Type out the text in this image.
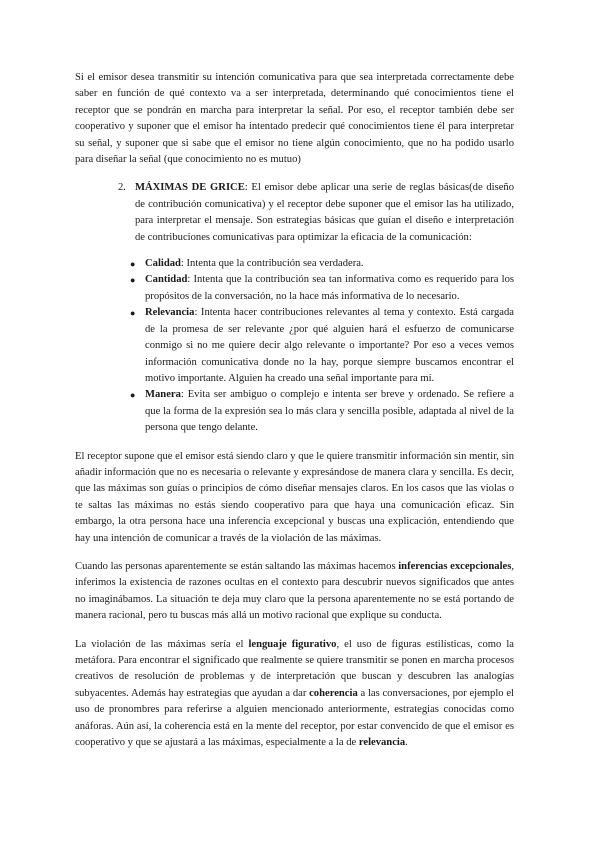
Si el emisor desea transmitir su intención comunicativa para que sea interpretada correctamente debe saber en función de qué contexto va a ser interpretada, determinando qué conocimientos tiene el receptor que se pondrán en marcha para interpretar la señal. Por eso, el receptor también debe ser cooperativo y suponer que el emisor ha intentado predecir qué conocimientos tiene él para interpretar su señal, y suponer que si sabe que el emisor no tiene algún conocimiento, que no ha podido usarlo para diseñar la señal (que conocimiento no es mutuo)

2. MÁXIMAS DE GRICE: El emisor debe aplicar una serie de reglas básicas(de diseño de contribución comunicativa) y el receptor debe suponer que el emisor las ha utilizado, para interpretar el mensaje. Son estrategias básicas que guían el diseño e interpretación de contribuciones comunicativas para optimizar la eficacia de la comunicación:

● Calidad: Intenta que la contribución sea verdadera.
● Cantidad: Intenta que la contribución sea tan informativa como es requerido para los propósitos de la conversación, no la hace más informativa de lo necesario.
● Relevancia: Intenta hacer contribuciones relevantes al tema y contexto. Está cargada de la promesa de ser relevante ¿por qué alguien hará el esfuerzo de comunicarse conmigo si no me quiere decir algo relevante o importante? Por eso a veces vemos información comunicativa donde no la hay, porque siempre buscamos encontrar el motivo importante. Alguien ha creado una señal importante para mí.
● Manera: Evita ser ambiguo o complejo e intenta ser breve y ordenado. Se refiere a que la forma de la expresión sea lo más clara y sencilla posible, adaptada al nivel de la persona que tengo delante.

El receptor supone que el emisor está siendo claro y que le quiere transmitir información sin mentir, sin añadir información que no es necesaria o relevante y expresándose de manera clara y sencilla. Es decir, que las máximas son guías o principios de cómo diseñar mensajes claros. En los casos que las violas o te saltas las máximas no estás siendo cooperativo para que haya una comunicación eficaz. Sin embargo, la otra persona hace una inferencia excepcional y buscas una explicación, entendiendo que hay una intención de comunicar a través de la violación de las máximas.

Cuando las personas aparentemente se están saltando las máximas hacemos inferencias excepcionales, inferimos la existencia de razones ocultas en el contexto para descubrir nuevos significados que antes no imaginábamos. La situación te deja muy claro que la persona aparentemente no se está portando de manera racional, pero tu buscas más allá un motivo racional que explique su conducta.

La violación de las máximas sería el lenguaje figurativo, el uso de figuras estilísticas, como la metáfora. Para encontrar el significado que realmente se quiere transmitir se ponen en marcha procesos creativos de resolución de problemas y de interpretación que buscan y descubren las analogías subyacentes. Además hay estrategias que ayudan a dar coherencia a las conversaciones, por ejemplo el uso de pronombres para referirse a alguien mencionado anteriormente, estrategias conocidas como anáforas. Aún así, la coherencia está en la mente del receptor, por estar convencido de que el emisor es cooperativo y que se ajustará a las máximas, especialmente a la de relevancia.
